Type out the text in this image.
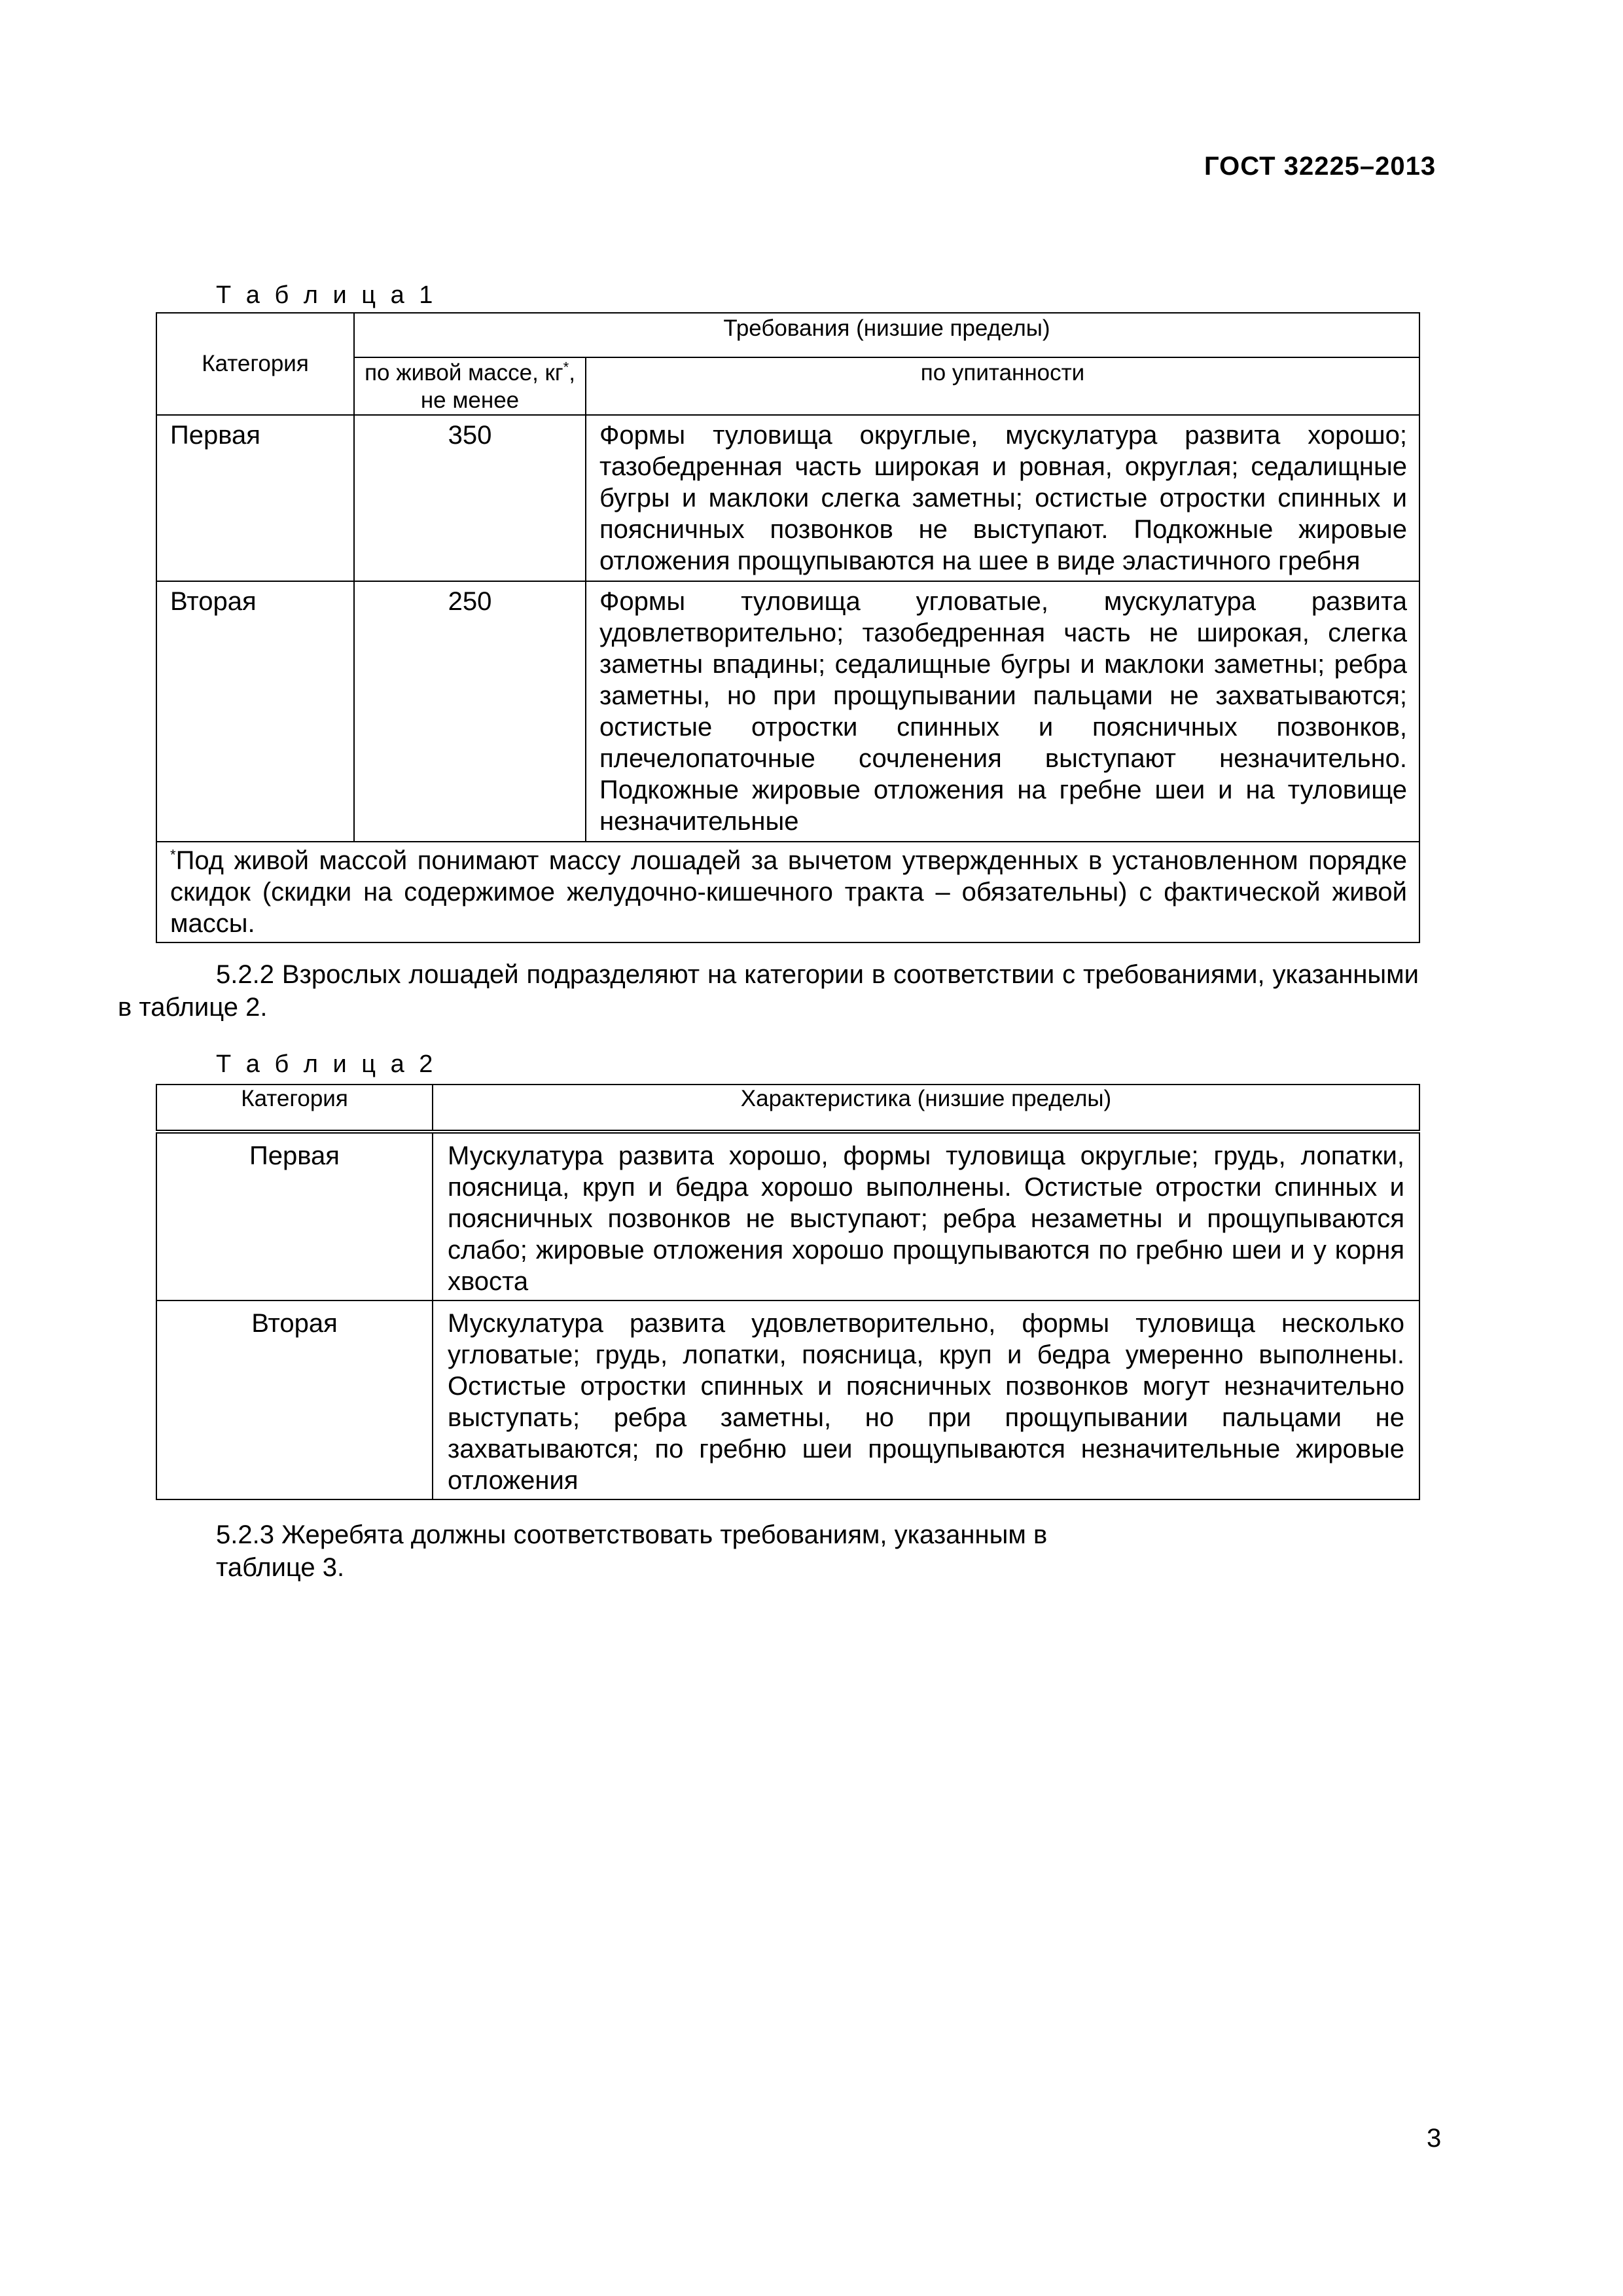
ГОСТ 32225–2013
Т а б л и ц а 1
Категория	Требования (низшие пределы)	
	по живой массе, кг*, не менее	по упитанности
Первая	350	Формы туловища округлые, мускулатура развита хорошо; тазобедренная часть широкая и ровная, округлая; седалищные бугры и маклоки слегка заметны; остистые отростки спинных и поясничных позвонков не выступают. Подкожные жировые отложения прощупываются на шее в виде эластичного гребня
Вторая	250	Формы туловища угловатые, мускулатура развита удовлетворительно; тазобедренная часть не широкая, слегка заметны впадины; седалищные бугры и маклоки заметны; ребра заметны, но при прощупывании пальцами не захватываются; остистые отростки спинных и поясничных позвонков, плечелопаточные сочленения выступают незначительно. Подкожные жировые отложения на гребне шеи и на туловище незначительные
*Под живой массой понимают массу лошадей за вычетом утвержденных в установленном порядке скидок (скидки на содержимое желудочно-кишечного тракта – обязательны) с фактической живой массы.		
5.2.2 Взрослых лошадей подразделяют на категории в соответствии с требованиями, указанными в таблице 2.
Т а б л и ц а 2
Категория	Характеристика (низшие пределы)
Первая	Мускулатура развита хорошо, формы туловища округлые; грудь, лопатки, поясница, круп и бедра хорошо выполнены. Остистые отростки спинных и поясничных позвонков не выступают; ребра незаметны и прощупываются слабо; жировые отложения хорошо прощупываются по гребню шеи и у корня хвоста
Вторая	Мускулатура развита удовлетворительно, формы туловища несколько угловатые; грудь, лопатки, поясница, круп и бедра умеренно выполнены. Остистые отростки спинных и поясничных позвонков могут незначительно выступать; ребра заметны, но при прощупывании пальцами не захватываются; по гребню шеи прощупываются незначительные жировые отложения
5.2.3 Жеребята должны соответствовать требованиям, указанным в таблице 3.
3
